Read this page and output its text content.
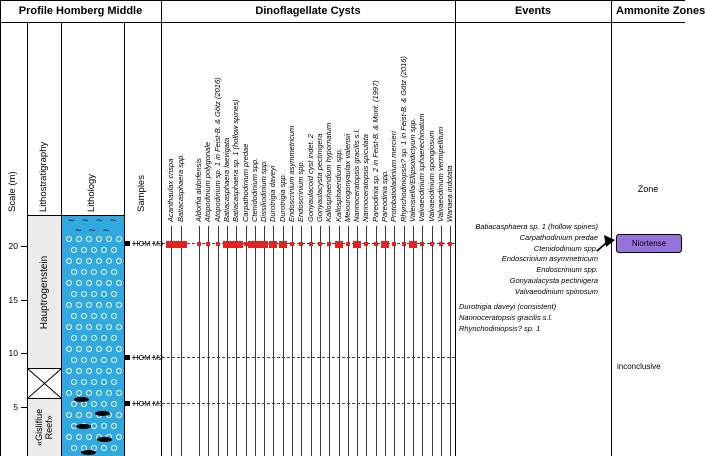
Profile Homberg Middle	Dinoflagellate Cysts	Events	Ammonite Zones
Scale (m) Lithostratigraphy	Lithology	Samples
Hauptrogenstein
«Gisliflue
Reef»
~ ~ ~ ~
~ ~ ~	Batiacasphaera sp. 1 (hollow spines)
Carpathodinium predae
Ctenidodinium spp.
Endoscrinium asymmetricum
Endoscrinium spp.
Gonyaulacysta pectinigera
Valvaeodinium spinosum
Durotrigia daveyi (consistent)
Nannoceratopsis gracilis s.l.
Rhynchodiniopsis? sp. 1
Zone
Niortense
inconclusive
5
10
15
20	HOM M3
HOM M2
HOM M1
Acanthaulax crispa Batiacasphaera spp. Aldorfia aldorfensis Atopodinium polygonale Atopodinium sp. 1 in Feist-B. & Götz (2016) Batiacasphaera laevigata Batiacasphaera sp. 1 (hollow spines) Carpathodinium predae Ctenidodinium spp. Dissiliodinium spp. Durotrigia daveyi Durotrigia spp. Endoscrinium asymmetricum Endoscrinium spp. Gonyaulacoid cyst indet. 2 Gonyaulacysta pectinigera Kallosphaeridium hypornatum Kallosphaeridium spp. Meiourogonyaulax valensii Nannoceratopsis gracilis s.l. Nannoceratopsis spiculata Pareodinia sp. 2 in Feist-B. & Mont. (1997) Pareodinia spp. Protobatioladinium mercieri Rhynchodiniopsis? sp. 1 in Feist-B. & Götz (2016) Valensiella/Ellipsoidictyum spp. Valvaeodinium sphaerechinatum Valvaeodinium spongiosum Valvaeodinium vermipellitum Wanaea indotata
